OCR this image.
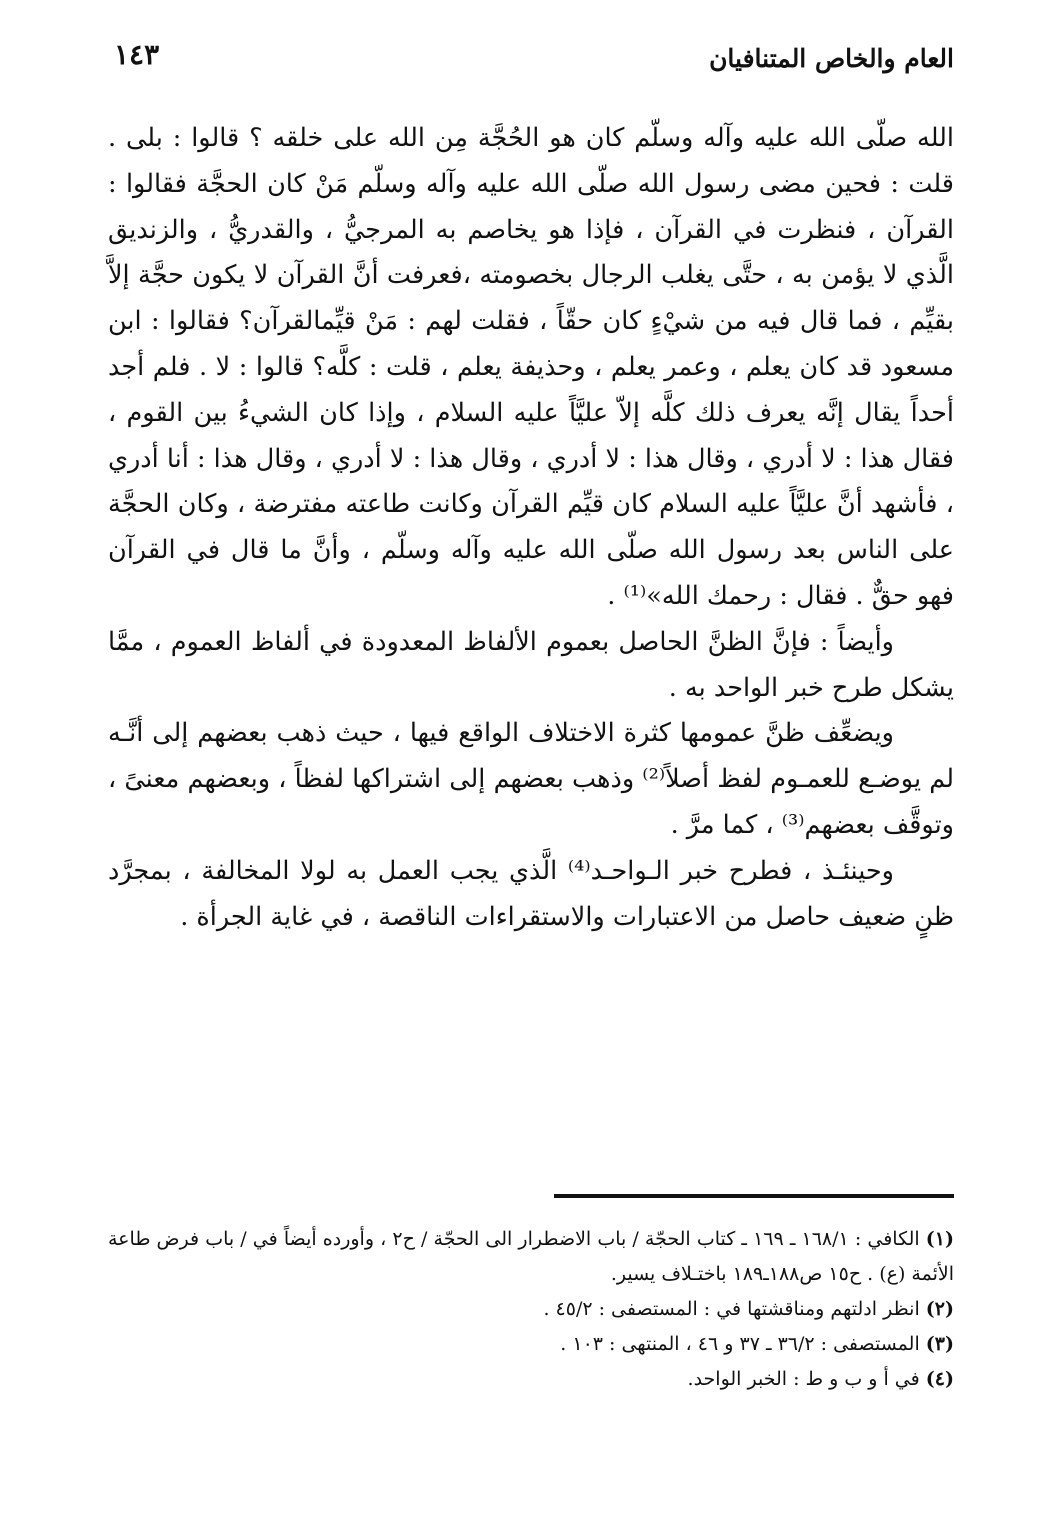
العام والخاص المتنافيان
١٤٣

الله صلّى الله عليه وآله وسلّم كان هو الحُجَّة مِن الله على خلقه ؟ قالوا : بلى . قلت : فحين مضى رسول الله صلّى الله عليه وآله وسلّم مَنْ كان الحجَّة فقالوا : القرآن ، فنظرت في القرآن ، فإذا هو يخاصم به المرجيُّ ، والقدريُّ ، والزنديق الَّذي لا يؤمن به ، حتَّى يغلب الرجال بخصومته ،فعرفت أنَّ القرآن لا يكون حجَّة إلاَّ بقيِّم ، فما قال فيه من شيْءٍ كان حقّاً ، فقلت لهم : مَنْ قيِّمالقرآن؟ فقالوا : ابن مسعود قد كان يعلم ، وعمر يعلم ، وحذيفة يعلم ، قلت : كلَّه؟ قالوا : لا . فلم أجد أحداً يقال إنَّه يعرف ذلك كلَّه إلاّ عليَّاً عليه السلام ، وإذا كان الشيءُ بين القوم ، فقال هذا : لا أدري ، وقال هذا : لا أدري ، وقال هذا : لا أدري ، وقال هذا : أنا أدري ، فأشهد أنَّ عليَّاً عليه السلام كان قيِّم القرآن وكانت طاعته مفترضة ، وكان الحجَّة على الناس بعد رسول الله صلّى الله عليه وآله وسلّم ، وأنَّ ما قال في القرآن فهو حقٌّ . فقال : رحمك الله»⁽¹⁾ .

وأيضاً : فإنَّ الظنَّ الحاصل بعموم الألفاظ المعدودة في ألفاظ العموم ، ممَّا يشكل طرح خبر الواحد به .

ويضعِّف ظنَّ عمومها كثرة الاختلاف الواقع فيها ، حيث ذهب بعضهم إلى أنَّـه لم يوضـع للعمـوم لفظ أصلاً⁽²⁾ وذهب بعضهم إلى اشتراكها لفظاً ، وبعضهم معنىً ، وتوقَّف بعضهم⁽³⁾ ، كما مرَّ .

وحينئـذ ، فطرح خبر الـواحـد⁽⁴⁾ الَّذي يجب العمل به لولا المخالفة ، بمجرَّد ظنٍ ضعيف حاصل من الاعتبارات والاستقراءات الناقصة ، في غاية الجرأة .

(١) الكافي : ١٦٨/١ ـ ١٦٩ ـ كتاب الحجّة / باب الاضطرار الى الحجّة / ح٢ ، وأورده أيضاً في / باب فرض طاعة الأئمة (ع) . ح١٥ ص١٨٨ـ١٨٩ باختـلاف يسير.

(٢) انظر ادلتهم ومناقشتها في : المستصفى : ٤٥/٢ .

(٣) المستصفى : ٣٦/٢ ـ ٣٧ و ٤٦ ، المنتهى : ١٠٣ .

(٤) في أ و ب و ط : الخبر الواحد.
